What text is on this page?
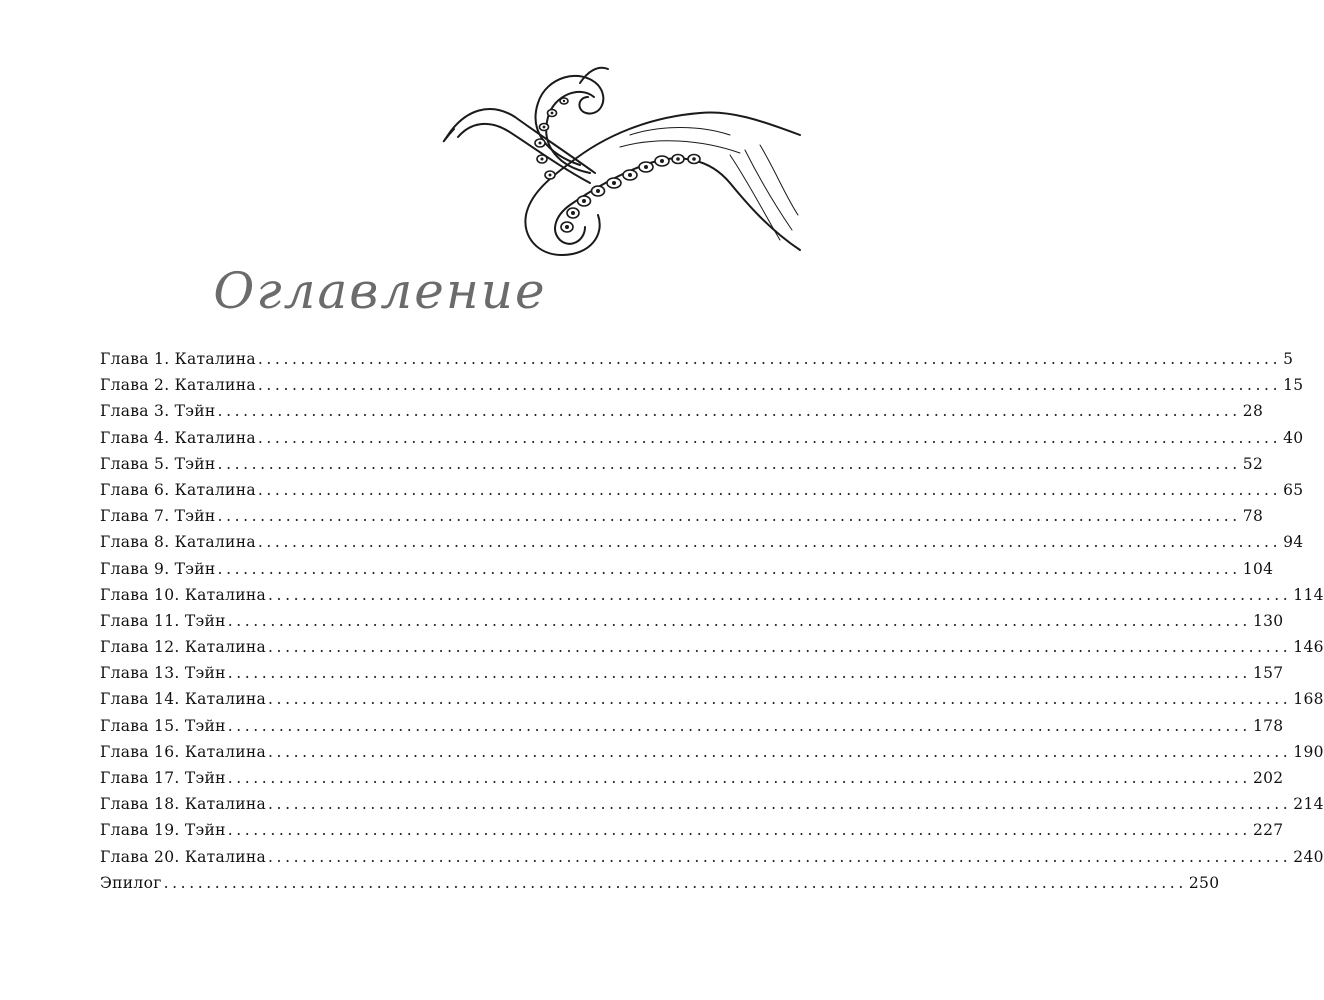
Оглавление
Глава 1. Каталина ........................................................................................................................ 5
Глава 2. Каталина ........................................................................................................................ 15
Глава 3. Тэйн ........................................................................................................................ 28
Глава 4. Каталина ........................................................................................................................ 40
Глава 5. Тэйн ........................................................................................................................ 52
Глава 6. Каталина ........................................................................................................................ 65
Глава 7. Тэйн ........................................................................................................................ 78
Глава 8. Каталина ........................................................................................................................ 94
Глава 9. Тэйн ........................................................................................................................ 104
Глава 10. Каталина ........................................................................................................................ 114
Глава 11. Тэйн ........................................................................................................................ 130
Глава 12. Каталина ........................................................................................................................ 146
Глава 13. Тэйн ........................................................................................................................ 157
Глава 14. Каталина ........................................................................................................................ 168
Глава 15. Тэйн ........................................................................................................................ 178
Глава 16. Каталина ........................................................................................................................ 190
Глава 17. Тэйн ........................................................................................................................ 202
Глава 18. Каталина ........................................................................................................................ 214
Глава 19. Тэйн ........................................................................................................................ 227
Глава 20. Каталина ........................................................................................................................ 240
Эпилог ........................................................................................................................ 250
